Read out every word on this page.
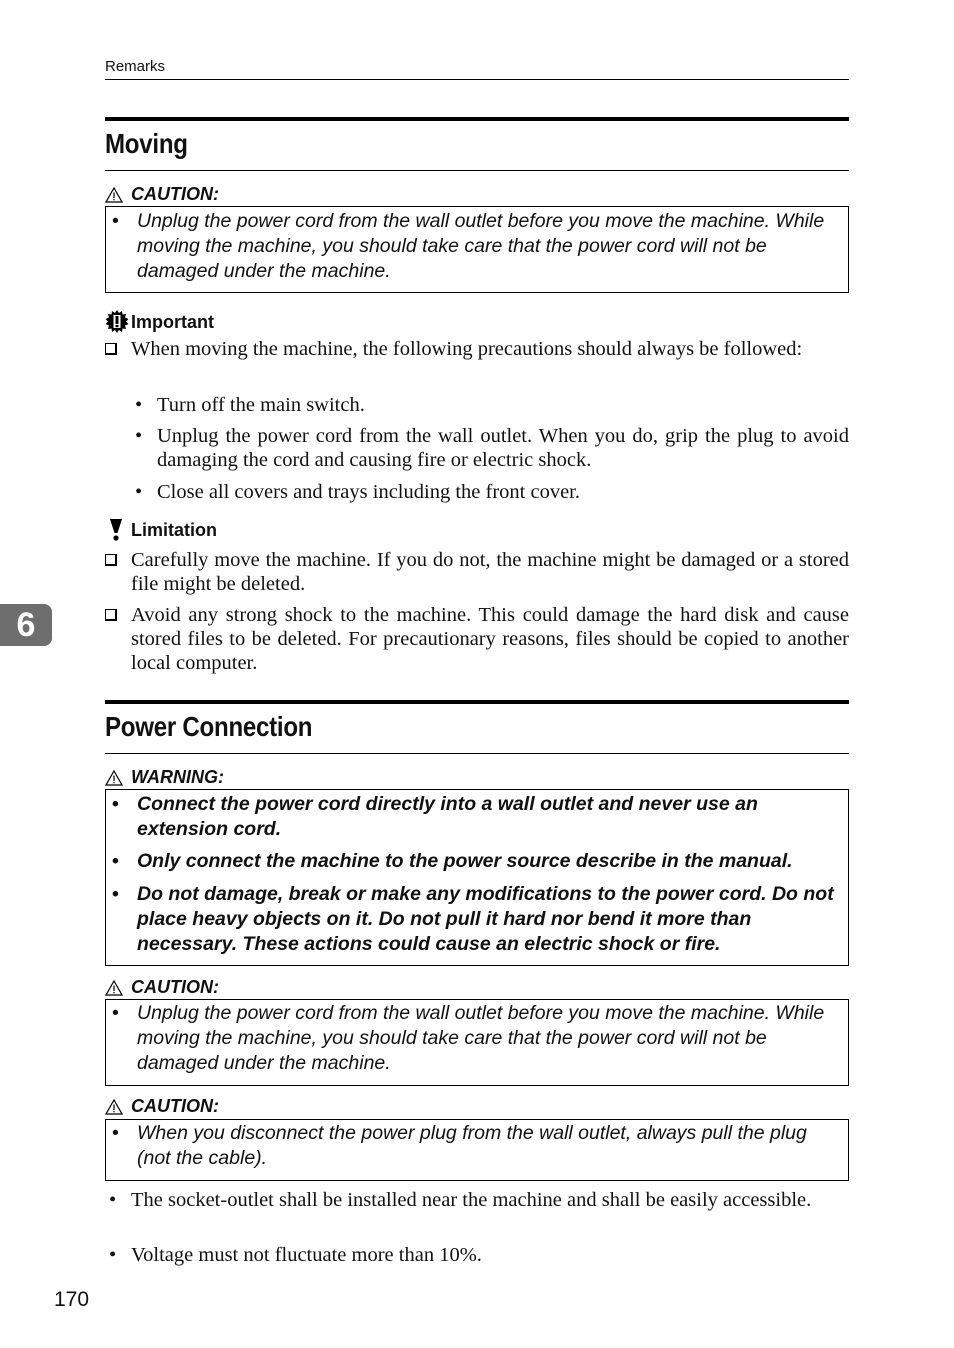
Remarks
6
Moving
CAUTION:
• Unplug the power cord from the wall outlet before you move the machine. While moving the machine, you should take care that the power cord will not be damaged under the machine.
Important
When moving the machine, the following precautions should always be followed:
• Turn off the main switch.
• Unplug the power cord from the wall outlet. When you do, grip the plug to avoid damaging the cord and causing fire or electric shock.
• Close all covers and trays including the front cover.
Limitation
Carefully move the machine. If you do not, the machine might be damaged or a stored file might be deleted.
Avoid any strong shock to the machine. This could damage the hard disk and cause stored files to be deleted. For precautionary reasons, files should be copied to another local computer.
Power Connection
WARNING:
• Connect the power cord directly into a wall outlet and never use an extension cord.
• Only connect the machine to the power source describe in the manual.
• Do not damage, break or make any modifications to the power cord. Do not place heavy objects on it. Do not pull it hard nor bend it more than necessary. These actions could cause an electric shock or fire.
CAUTION:
• Unplug the power cord from the wall outlet before you move the machine. While moving the machine, you should take care that the power cord will not be damaged under the machine.
CAUTION:
• When you disconnect the power plug from the wall outlet, always pull the plug (not the cable).
• The socket-outlet shall be installed near the machine and shall be easily accessible.
• Voltage must not fluctuate more than 10%.
170
